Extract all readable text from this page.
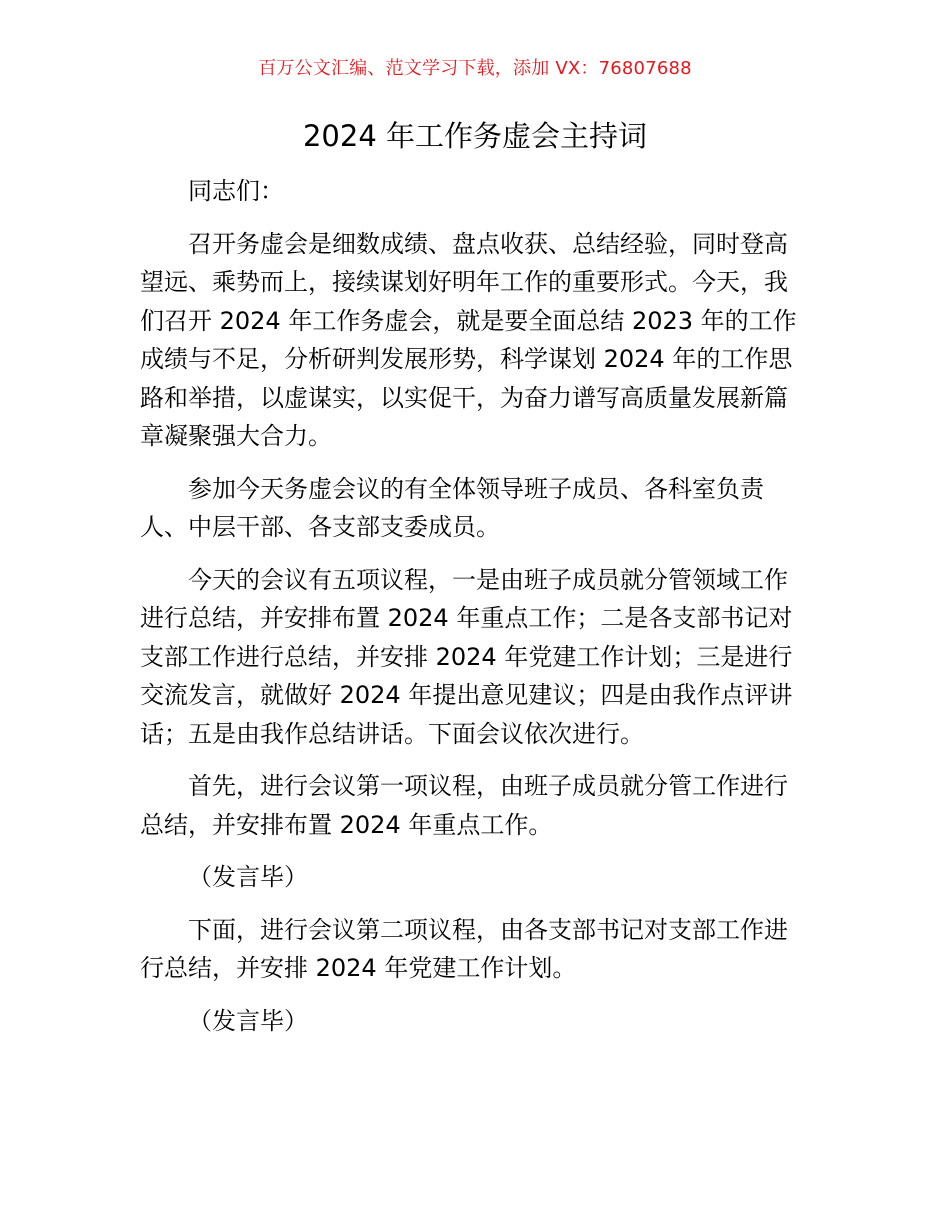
百万公文汇编、范文学习下载，添加 VX：76807688
2024 年工作务虚会主持词
同志们：
召开务虚会是细数成绩、盘点收获、总结经验，同时登高
望远、乘势而上，接续谋划好明年工作的重要形式。今天，我
们召开 2024 年工作务虚会，就是要全面总结 2023 年的工作
成绩与不足，分析研判发展形势，科学谋划 2024 年的工作思
路和举措，以虚谋实，以实促干，为奋力谱写高质量发展新篇
章凝聚强大合力。
参加今天务虚会议的有全体领导班子成员、各科室负责
人、中层干部、各支部支委成员。
今天的会议有五项议程，一是由班子成员就分管领域工作
进行总结，并安排布置 2024 年重点工作；二是各支部书记对
支部工作进行总结，并安排 2024 年党建工作计划；三是进行
交流发言，就做好 2024 年提出意见建议；四是由我作点评讲
话；五是由我作总结讲话。下面会议依次进行。
首先，进行会议第一项议程，由班子成员就分管工作进行
总结，并安排布置 2024 年重点工作。
（发言毕）
下面，进行会议第二项议程，由各支部书记对支部工作进
行总结，并安排 2024 年党建工作计划。
（发言毕）
